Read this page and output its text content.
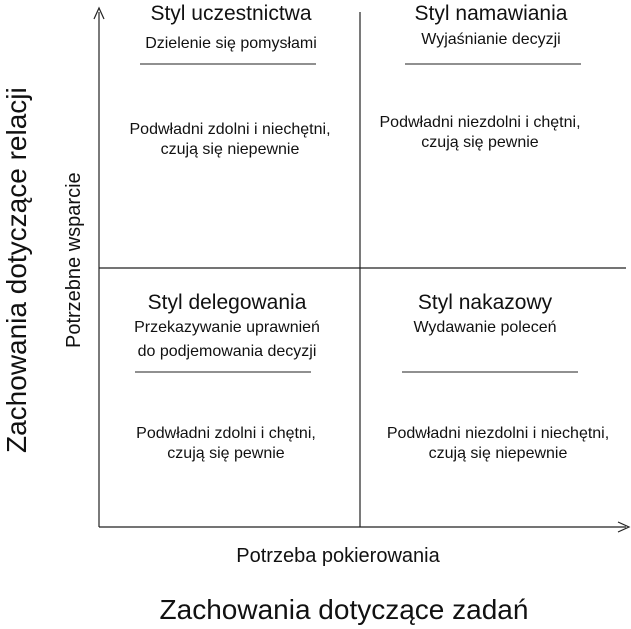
Styl uczestnictwa
Dzielenie się pomysłami
Podwładni zdolni i niechętni,
czują się niepewnie
Styl namawiania
Wyjaśnianie decyzji
Podwładni niezdolni i chętni,
czują się pewnie
Styl delegowania
Przekazywanie uprawnień
do podjemowania decyzji
Podwładni zdolni i chętni,
czują się pewnie
Styl nakazowy
Wydawanie poleceń
Podwładni niezdolni i niechętni,
czują się niepewnie
Potrzeba pokierowania
Zachowania dotyczące zadań
Potrzebne wsparcie
Zachowania dotyczące relacji
